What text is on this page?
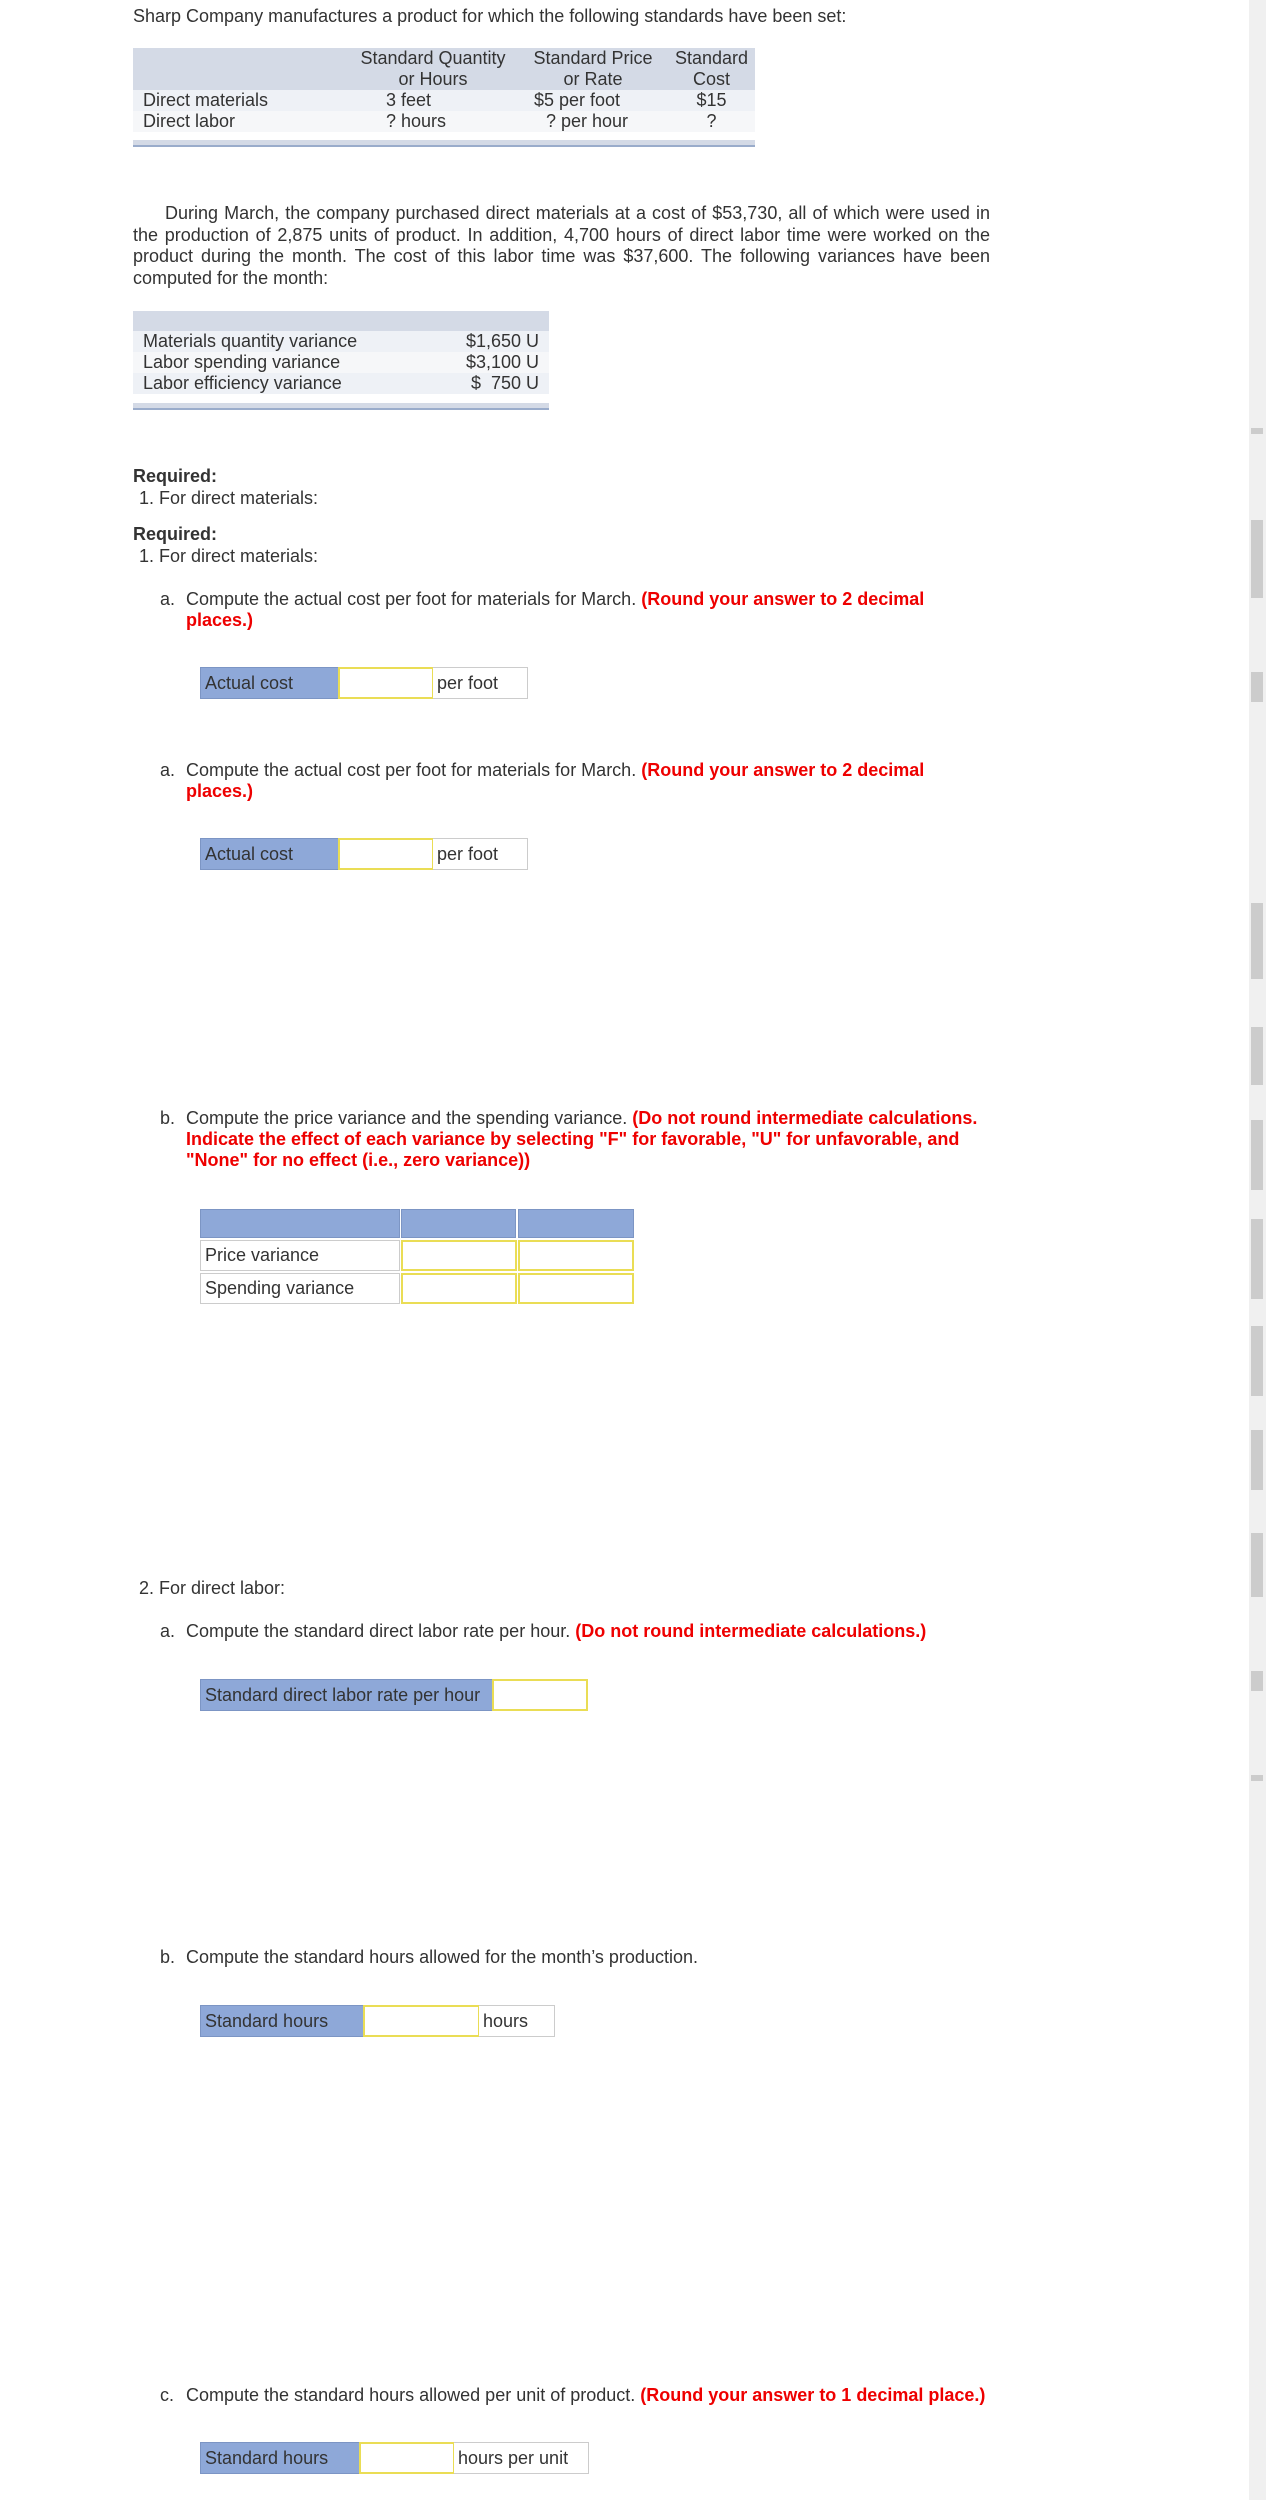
Sharp Company manufactures a product for which the following standards have been set:
	Standard Quantity	Standard Price	Standard
	or Hours	or Rate	Cost
Direct materials	3 feet	$5 per foot	$15
Direct labor	? hours	? per hour	?
During March, the company purchased direct materials at a cost of $53,730, all of which were used in the production of 2,875 units of product. In addition, 4,700 hours of direct labor time were worked on the product during the month. The cost of this labor time was $37,600. The following variances have been computed for the month:
Materials quantity variance	$1,650 U
Labor spending variance	$3,100 U
Labor efficiency variance	$  750 U
Required:
1. For direct materials:
Required:
1. For direct materials:
a. Compute the actual cost per foot for materials for March. (Round your answer to 2 decimal
places.)
Actual cost	per foot
a. Compute the actual cost per foot for materials for March. (Round your answer to 2 decimal
places.)
Actual cost	per foot
b. Compute the price variance and the spending variance. (Do not round intermediate calculations.
Indicate the effect of each variance by selecting "F" for favorable, "U" for unfavorable, and
"None" for no effect (i.e., zero variance))
Price variance
Spending variance
2. For direct labor:
a. Compute the standard direct labor rate per hour. (Do not round intermediate calculations.)
Standard direct labor rate per hour
b. Compute the standard hours allowed for the month’s production.
Standard hours	hours
c. Compute the standard hours allowed per unit of product. (Round your answer to 1 decimal place.)
Standard hours	hours per unit
